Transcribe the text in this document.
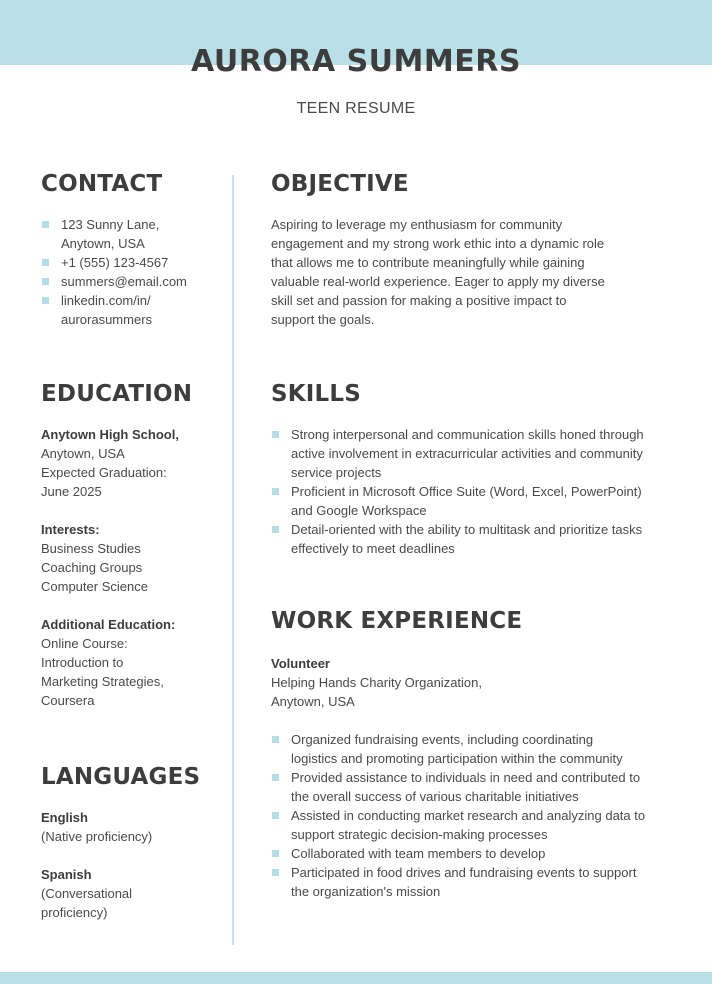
AURORA SUMMERS
TEEN RESUME
CONTACT
123 Sunny Lane,
Anytown, USA
+1 (555) 123-4567
summers@email.com
linkedin.com/in/
aurorasummers
EDUCATION
Anytown High School,
Anytown, USA
Expected Graduation:
June 2025
Interests:
Business Studies
Coaching Groups
Computer Science
Additional Education:
Online Course:
Introduction to
Marketing Strategies,
Coursera
LANGUAGES
English
(Native proficiency)
Spanish
(Conversational
proficiency)
OBJECTIVE
Aspiring to leverage my enthusiasm for community
engagement and my strong work ethic into a dynamic role
that allows me to contribute meaningfully while gaining
valuable real-world experience. Eager to apply my diverse
skill set and passion for making a positive impact to
support the goals.
SKILLS
Strong interpersonal and communication skills honed through
active involvement in extracurricular activities and community
service projects
Proficient in Microsoft Office Suite (Word, Excel, PowerPoint)
and Google Workspace
Detail-oriented with the ability to multitask and prioritize tasks
effectively to meet deadlines
WORK EXPERIENCE
Volunteer
Helping Hands Charity Organization,
Anytown, USA
Organized fundraising events, including coordinating
logistics and promoting participation within the community
Provided assistance to individuals in need and contributed to
the overall success of various charitable initiatives
Assisted in conducting market research and analyzing data to
support strategic decision-making processes
Collaborated with team members to develop
Participated in food drives and fundraising events to support
the organization's mission
